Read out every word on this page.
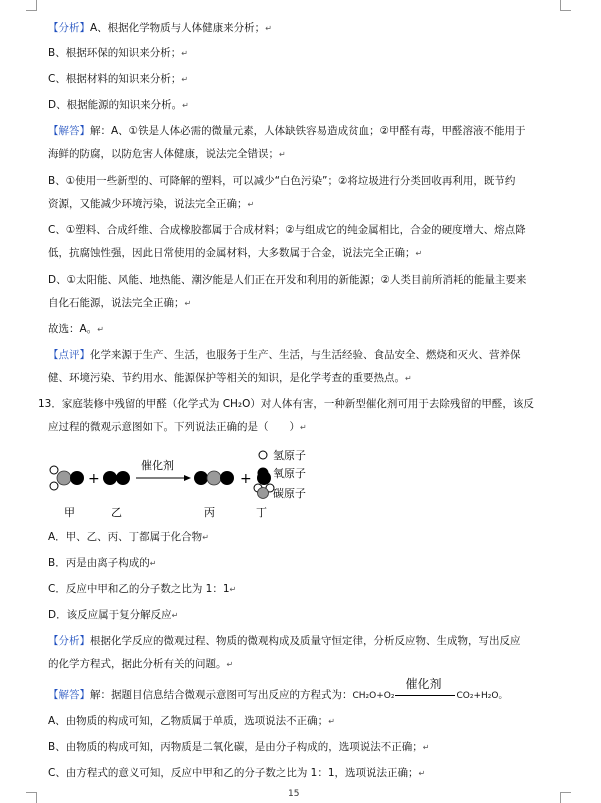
【分析】A、根据化学物质与人体健康来分析；↵
B、根据环保的知识来分析；↵
C、根据材料的知识来分析；↵
D、根据能源的知识来分析。↵
【解答】解：A、①铁是人体必需的微量元素，人体缺铁容易造成贫血；②甲醛有毒，甲醛溶液不能用于
海鲜的防腐，以防危害人体健康，说法完全错误；↵
B、①使用一些新型的、可降解的塑料，可以减少“白色污染”；②将垃圾进行分类回收再利用，既节约
资源，又能减少环境污染，说法完全正确；↵
C、①塑料、合成纤维、合成橡胶都属于合成材料；②与组成它的纯金属相比，合金的硬度增大、熔点降
低，抗腐蚀性强，因此日常使用的金属材料，大多数属于合金，说法完全正确；↵
D、①太阳能、风能、地热能、潮汐能是人们正在开发和利用的新能源；②人类目前所消耗的能量主要来
自化石能源，说法完全正确；↵
故选：A。↵
【点评】化学来源于生产、生活，也服务于生产、生活，与生活经验、食品安全、燃烧和灭火、营养保
健、环境污染、节约用水、能源保护等相关的知识，是化学考查的重要热点。↵
13．家庭装修中残留的甲醛（化学式为 CH₂O）对人体有害，一种新型催化剂可用于去除残留的甲醛，该反
应过程的微观示意图如下。下列说法正确的是（　　）↵
+
催化剂
+
甲	乙	丙	丁
氢原子
氧原子
碳原子
A．甲、乙、丙、丁都属于化合物↵
B．丙是由离子构成的↵
C．反应中甲和乙的分子数之比为 1：1↵
D．该反应属于复分解反应↵
【分析】根据化学反应的微观过程、物质的微观构成及质量守恒定律，分析反应物、生成物，写出反应
的化学方程式，据此分析有关的问题。↵
【解答】解：据题目信息结合微观示意图可写出反应的方程式为：CH₂O+O₂
催化剂
CO₂+H₂O。
A、由物质的构成可知，乙物质属于单质，选项说法不正确；↵
B、由物质的构成可知，丙物质是二氧化碳，是由分子构成的，选项说法不正确；↵
C、由方程式的意义可知，反应中甲和乙的分子数之比为 1：1，选项说法正确；↵
15
